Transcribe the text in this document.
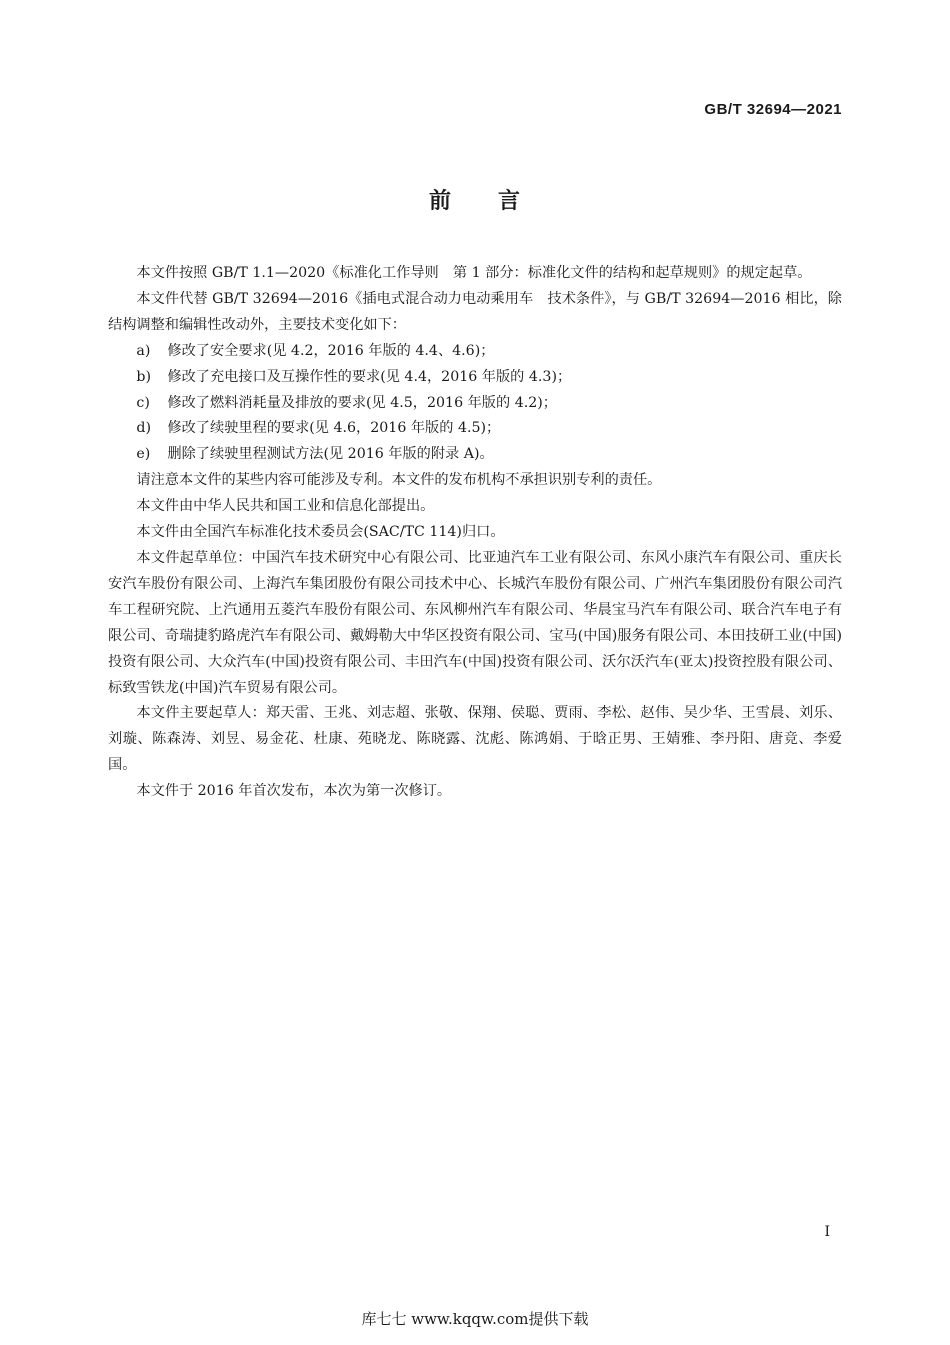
GB/T 32694—2021
前 言

本文件按照 GB/T 1.1—2020《标准化工作导则　第 1 部分：标准化文件的结构和起草规则》的规定起草。

本文件代替 GB/T 32694—2016《插电式混合动力电动乘用车　技术条件》，与 GB/T 32694—2016 相比，除结构调整和编辑性改动外，主要技术变化如下：

a) 修改了安全要求(见 4.2，2016 年版的 4.4、4.6)；

b) 修改了充电接口及互操作性的要求(见 4.4，2016 年版的 4.3)；

c) 修改了燃料消耗量及排放的要求(见 4.5，2016 年版的 4.2)；

d) 修改了续驶里程的要求(见 4.6，2016 年版的 4.5)；

e) 删除了续驶里程测试方法(见 2016 年版的附录 A)。

请注意本文件的某些内容可能涉及专利。本文件的发布机构不承担识别专利的责任。

本文件由中华人民共和国工业和信息化部提出。

本文件由全国汽车标准化技术委员会(SAC/TC 114)归口。

本文件起草单位：中国汽车技术研究中心有限公司、比亚迪汽车工业有限公司、东风小康汽车有限公司、重庆长安汽车股份有限公司、上海汽车集团股份有限公司技术中心、长城汽车股份有限公司、广州汽车集团股份有限公司汽车工程研究院、上汽通用五菱汽车股份有限公司、东风柳州汽车有限公司、华晨宝马汽车有限公司、联合汽车电子有限公司、奇瑞捷豹路虎汽车有限公司、戴姆勒大中华区投资有限公司、宝马(中国)服务有限公司、本田技研工业(中国)投资有限公司、大众汽车(中国)投资有限公司、丰田汽车(中国)投资有限公司、沃尔沃汽车(亚太)投资控股有限公司、标致雪铁龙(中国)汽车贸易有限公司。

本文件主要起草人：郑天雷、王兆、刘志超、张敬、保翔、侯聪、贾雨、李松、赵伟、吴少华、王雪晨、刘乐、刘璇、陈森涛、刘昱、易金花、杜康、苑晓龙、陈晓露、沈彪、陈鸿娟、于晗正男、王婧雅、李丹阳、唐竞、李爱国。

本文件于 2016 年首次发布，本次为第一次修订。

I
库七七 www.kqqw.com提供下载
